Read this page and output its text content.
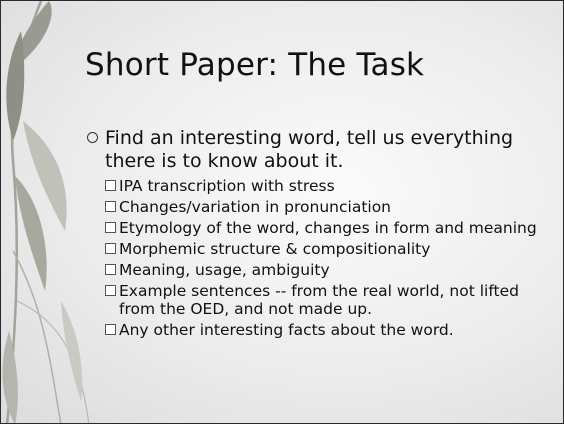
Short Paper: The Task
Find an interesting word, tell us everything there is to know about it.
IPA transcription with stress
Changes/variation in pronunciation
Etymology of the word, changes in form and meaning
Morphemic structure & compositionality
Meaning, usage, ambiguity
Example sentences -- from the real world, not lifted from the OED, and not made up.
Any other interesting facts about the word.
